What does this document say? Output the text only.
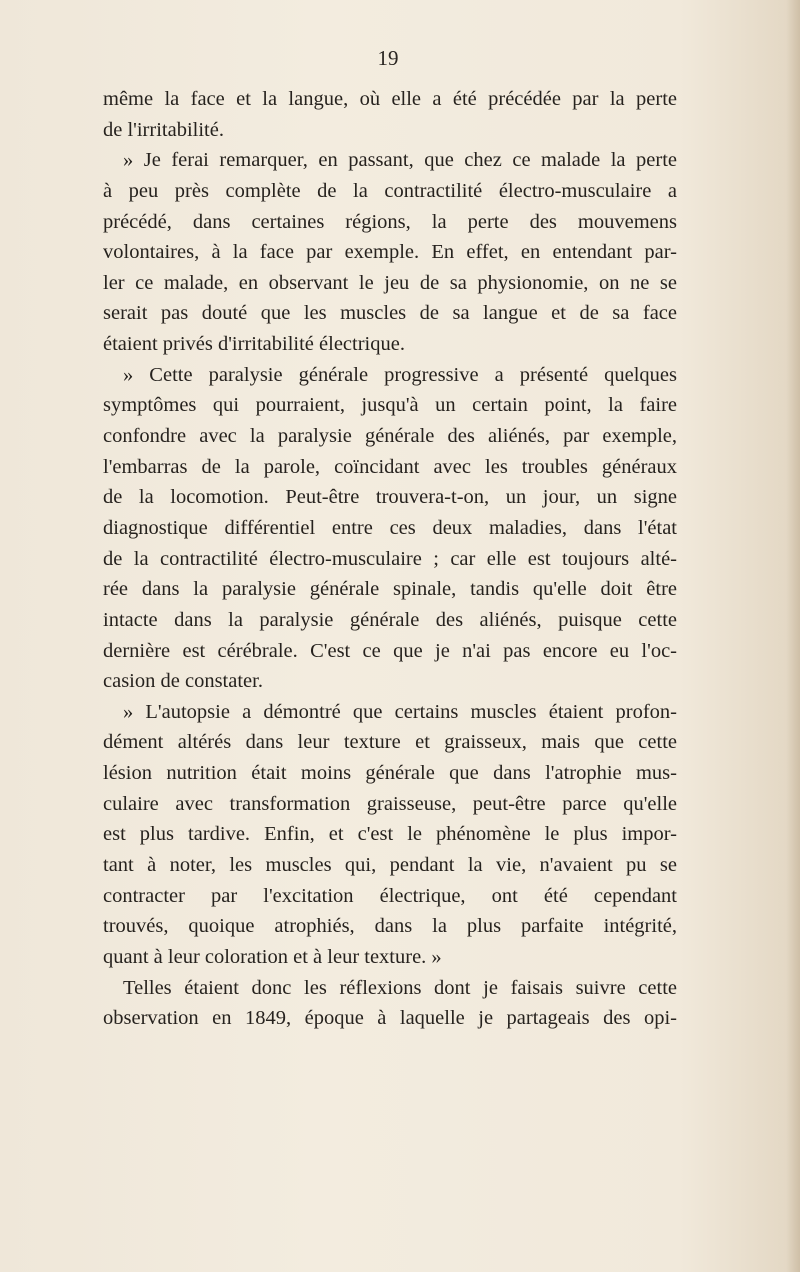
19
même la face et la langue, où elle a été précédée par la perte
de l'irritabilité.
» Je ferai remarquer, en passant, que chez ce malade la perte
à peu près complète de la contractilité électro-musculaire a
précédé, dans certaines régions, la perte des mouvemens
volontaires, à la face par exemple. En effet, en entendant par-
ler ce malade, en observant le jeu de sa physionomie, on ne se
serait pas douté que les muscles de sa langue et de sa face
étaient privés d'irritabilité électrique.
» Cette paralysie générale progressive a présenté quelques
symptômes qui pourraient, jusqu'à un certain point, la faire
confondre avec la paralysie générale des aliénés, par exemple,
l'embarras de la parole, coïncidant avec les troubles généraux
de la locomotion. Peut-être trouvera-t-on, un jour, un signe
diagnostique différentiel entre ces deux maladies, dans l'état
de la contractilité électro-musculaire ; car elle est toujours alté-
rée dans la paralysie générale spinale, tandis qu'elle doit être
intacte dans la paralysie générale des aliénés, puisque cette
dernière est cérébrale. C'est ce que je n'ai pas encore eu l'oc-
casion de constater.
» L'autopsie a démontré que certains muscles étaient profon-
dément altérés dans leur texture et graisseux, mais que cette
lésion nutrition était moins générale que dans l'atrophie mus-
culaire avec transformation graisseuse, peut-être parce qu'elle
est plus tardive. Enfin, et c'est le phénomène le plus impor-
tant à noter, les muscles qui, pendant la vie, n'avaient pu se
contracter par l'excitation électrique, ont été cependant
trouvés, quoique atrophiés, dans la plus parfaite intégrité,
quant à leur coloration et à leur texture. »
Telles étaient donc les réflexions dont je faisais suivre cette
observation en 1849, époque à laquelle je partageais des opi-
